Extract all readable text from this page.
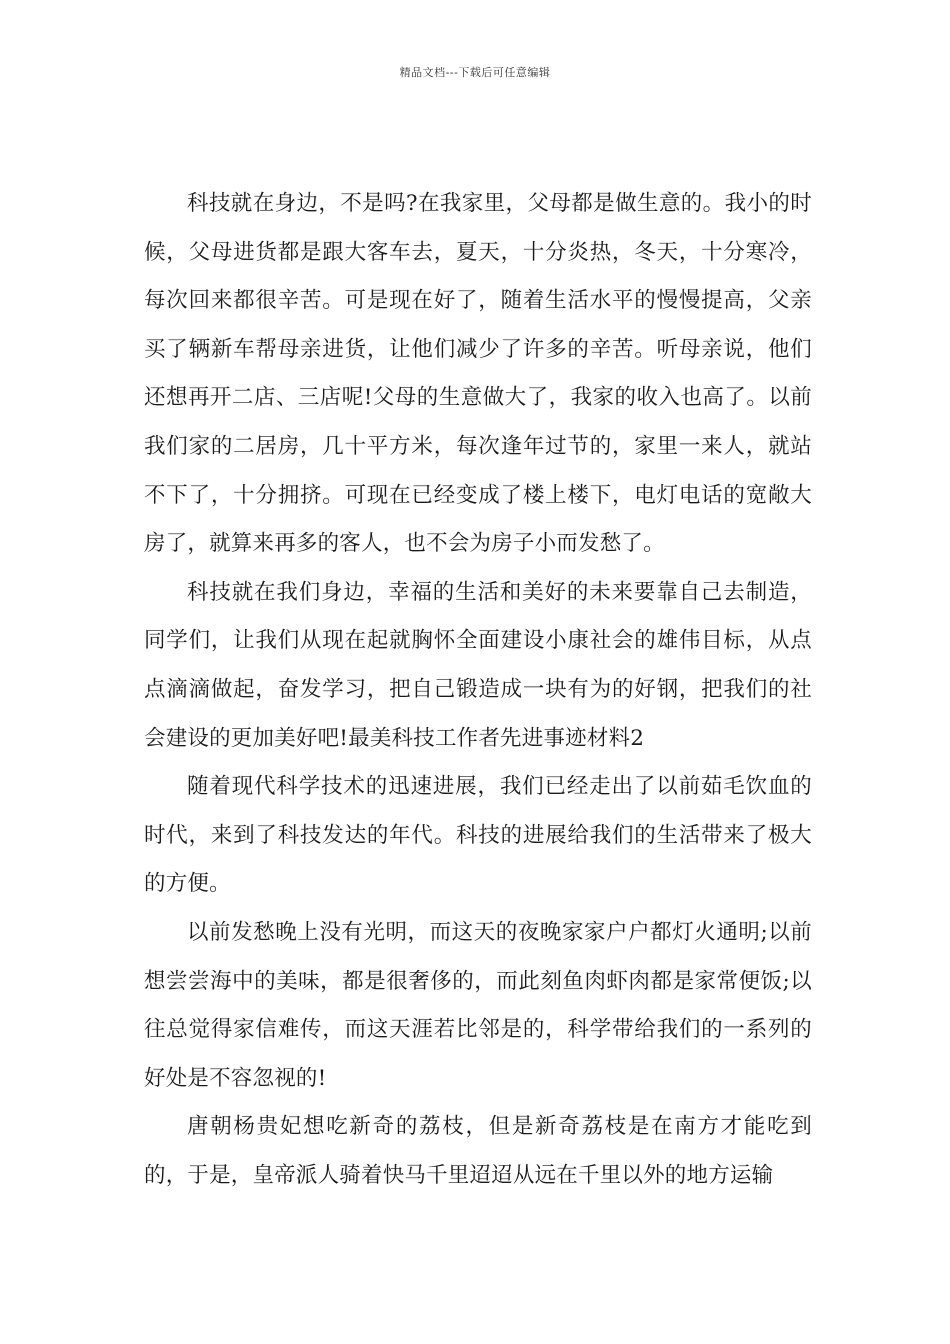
精品文档---下载后可任意编辑

科技就在身边，不是吗?在我家里，父母都是做生意的。我小的时候，父母进货都是跟大客车去，夏天，十分炎热，冬天，十分寒冷，每次回来都很辛苦。可是现在好了，随着生活水平的慢慢提高，父亲买了辆新车帮母亲进货，让他们减少了许多的辛苦。听母亲说，他们还想再开二店、三店呢!父母的生意做大了，我家的收入也高了。以前我们家的二居房，几十平方米，每次逢年过节的，家里一来人，就站不下了，十分拥挤。可现在已经变成了楼上楼下，电灯电话的宽敞大房了，就算来再多的客人，也不会为房子小而发愁了。

科技就在我们身边，幸福的生活和美好的未来要靠自己去制造，同学们，让我们从现在起就胸怀全面建设小康社会的雄伟目标，从点点滴滴做起，奋发学习，把自己锻造成一块有为的好钢，把我们的社会建设的更加美好吧!最美科技工作者先进事迹材料2

随着现代科学技术的迅速进展，我们已经走出了以前茹毛饮血的时代，来到了科技发达的年代。科技的进展给我们的生活带来了极大的方便。

以前发愁晚上没有光明，而这天的夜晚家家户户都灯火通明;以前想尝尝海中的美味，都是很奢侈的，而此刻鱼肉虾肉都是家常便饭;以往总觉得家信难传，而这天涯若比邻是的，科学带给我们的一系列的好处是不容忽视的!

唐朝杨贵妃想吃新奇的荔枝，但是新奇荔枝是在南方才能吃到的，于是，皇帝派人骑着快马千里迢迢从远在千里以外的地方运输
